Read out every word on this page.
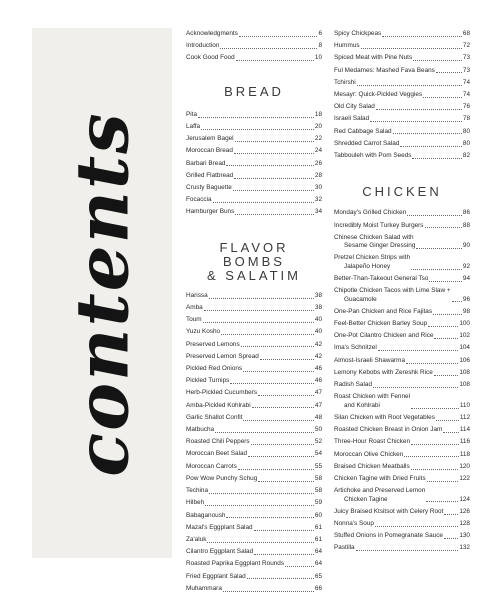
contents
Acknowledgments	6
Introduction	8
Cook Good Food	10
BREAD
Pita	18
Laffa	20
Jerusalem Bagel	22
Moroccan Bread	24
Barbari Bread	26
Grilled Flatbread	28
Crusty Baguette	30
Focaccia	32
Hamburger Buns	34
FLAVOR BOMBS
& SALATIM
Harissa	38
Amba	38
Toum	40
Yuzu Kosho	40
Preserved Lemons	42
Preserved Lemon Spread	42
Pickled Red Onions	46
Pickled Turnips	46
Herb-Pickled Cucumbers	47
Amba-Pickled Kohlrabi	47
Garlic Shallot Confit	48
Matbucha	50
Roasted Chili Peppers	52
Moroccan Beet Salad	54
Moroccan Carrots	55
Pow Wow Punchy Schug	58
Techina	58
Hilbeh	59
Babaganoush	60
Mazal's Eggplant Salad	61
Za'aluk	61
Cilantro Eggplant Salad	64
Roasted Paprika Eggplant Rounds	64
Fried Eggplant Salad	65
Muhammara	66
Spicy Chickpeas	68
Hummus	72
Spiced Meat with Pine Nuts	73
Ful Medames: Mashed Fava Beans	73
Tchirshi	74
Mesayr: Quick-Pickled Veggies	74
Old City Salad	76
Israeli Salad	78
Red Cabbage Salad	80
Shredded Carrot Salad	80
Tabbouleh with Pom Seeds	82
CHICKEN
Monday's Grilled Chicken	86
Incredibly Moist Turkey Burgers	88
Chinese Chicken Salad with
Sesame Ginger Dressing	90
Pretzel Chicken Strips with
Jalapeño Honey	92
Better-Than-Takeout General Tso	94
Chipotle Chicken Tacos with Lime Slaw +
Guacamole	96
One-Pan Chicken and Rice Fajitas	98
Feel-Better Chicken Barley Soup	100
One-Pot Cilantro Chicken and Rice	102
Ima's Schnitzel	104
Almost-Israeli Shawarma	106
Lemony Kebobs with Zereshk Rice	108
Radish Salad	108
Roast Chicken with Fennel
and Kohlrabi	110
Silan Chicken with Root Vegetables	112
Roasted Chicken Breast in Onion Jam	114
Three-Hour Roast Chicken	116
Moroccan Olive Chicken	118
Braised Chicken Meatballs	120
Chicken Tagine with Dried Fruits	122
Artichoke and Preserved Lemon
Chicken Tagine	124
Juicy Braised Ktsitsot with Celery Root 126
Nonna's Soup	128
Stuffed Onions in Pomegranate Sauce	130
Pastilla	132
